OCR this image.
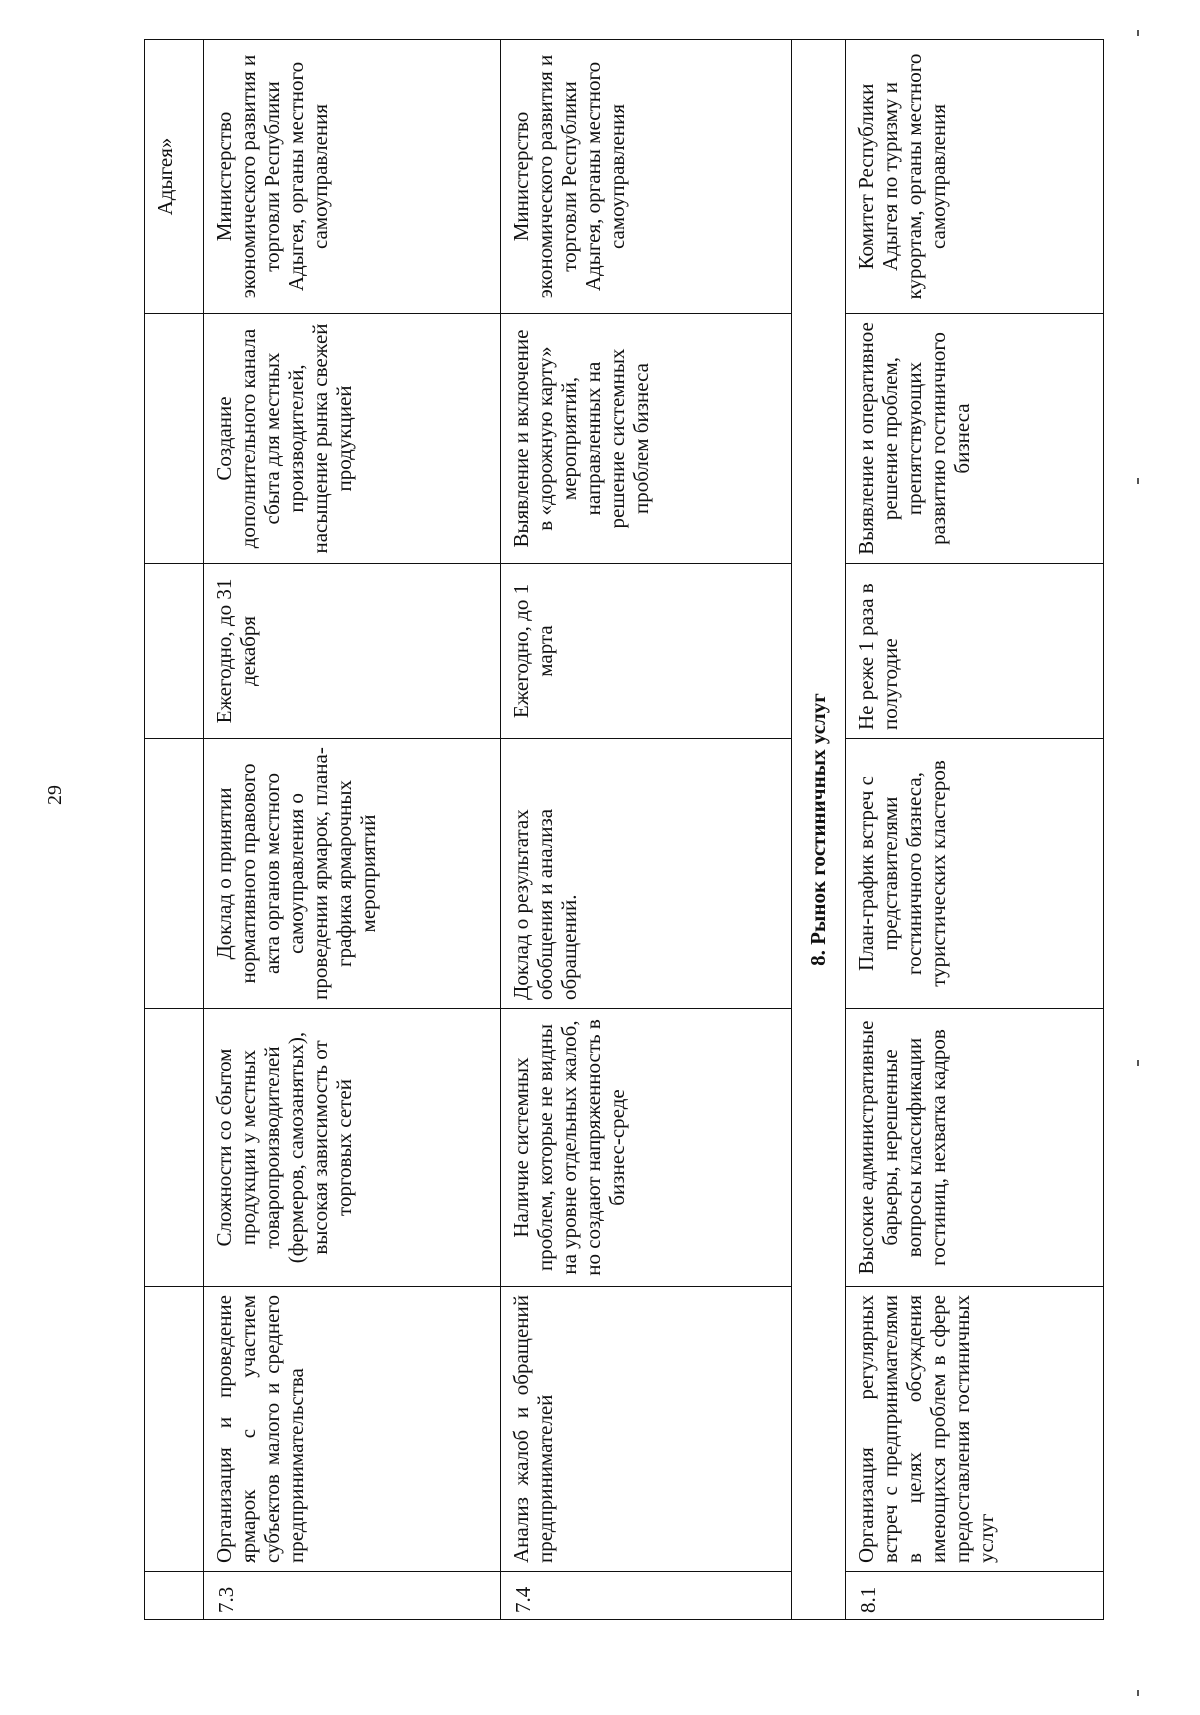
29
						Адыгея»
7.3	Организация и проведение ярмарок с участием субъектов малого и среднего предпринимательства	Сложности со сбытом продукции у местных товаропроизводителей (фермеров, самозанятых), высокая зависимость от торговых сетей	Доклад о принятии нормативного правового акта органов местного самоуправления о проведении ярмарок, плана-графика ярмарочных мероприятий	Ежегодно, до 31 декабря	Создание дополнительного канала сбыта для местных производителей, насыщение рынка свежей продукцией	Министерство экономического развития и торговли Республики Адыгея, органы местного самоуправления
7.4	Анализ жалоб и обращений предпринимателей	Наличие системных проблем, которые не видны на уровне отдельных жалоб, но создают напряженность в бизнес-среде	Доклад о результатах обобщения и анализа обращений.	Ежегодно, до 1 марта	Выявление и включение в «дорожную карту» мероприятий, направленных на решение системных проблем бизнеса	Министерство экономического развития и торговли Республики Адыгея, органы местного самоуправления
8. Рынок гостиничных услуг						
8.1	Организация регулярных встреч с предпринимателями в целях обсуждения имеющихся проблем в сфере предоставления гостиничных услуг	Высокие административные барьеры, нерешенные вопросы классификации гостиниц, нехватка кадров	План-график встреч с представителями гостиничного бизнеса, туристических кластеров	Не реже 1 раза в полугодие	Выявление и оперативное решение проблем, препятствующих развитию гостиничного бизнеса	Комитет Республики Адыгея по туризму и курортам, органы местного самоуправления
